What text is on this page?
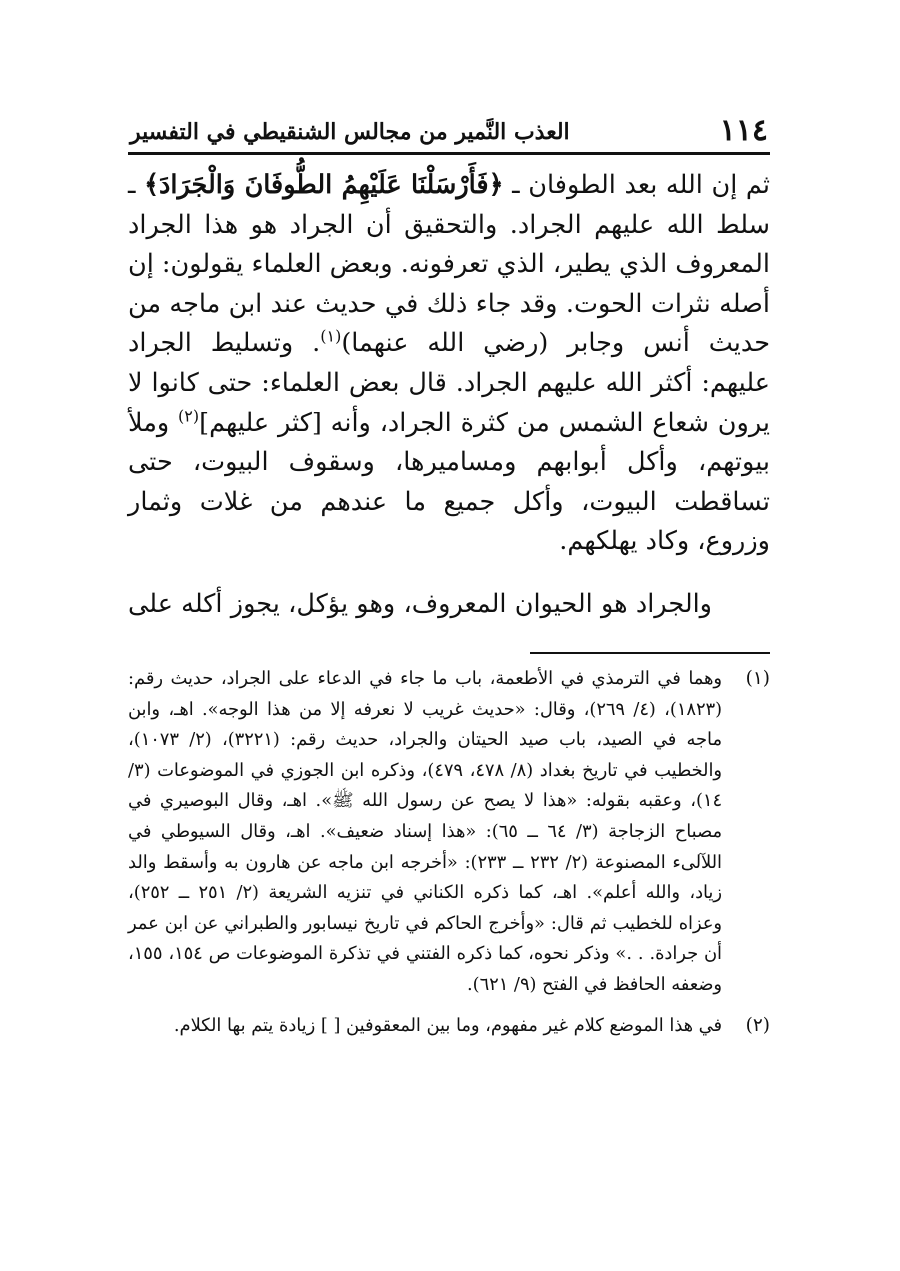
١١٤
العذب النَّمير من مجالس الشنقيطي في التفسير

ثم إن الله بعد الطوفان ـ ﴿فَأَرْسَلْنَا عَلَيْهِمُ الطُّوفَانَ وَالْجَرَادَ﴾ ـ سلط الله عليهم الجراد. والتحقيق أن الجراد هو هذا الجراد المعروف الذي يطير، الذي تعرفونه. وبعض العلماء يقولون: إن أصله نثرات الحوت. وقد جاء ذلك في حديث عند ابن ماجه من حديث أنس وجابر (رضي الله عنهما)$^{(١)}$. وتسليط الجراد عليهم: أكثر الله عليهم الجراد. قال بعض العلماء: حتى كانوا لا يرون شعاع الشمس من كثرة الجراد، وأنه [كثر عليهم]$^{(٢)}$ وملأ بيوتهم، وأكل أبوابهم ومساميرها، وسقوف البيوت، حتى تساقطت البيوت، وأكل جميع ما عندهم من غلات وثمار وزروع، وكاد يهلكهم.

والجراد هو الحيوان المعروف، وهو يؤكل، يجوز أكله على

(١)

وهما في الترمذي في الأطعمة، باب ما جاء في الدعاء على الجراد، حديث رقم: (١٨٢٣)، (٤/ ٢٦٩)، وقال: «حديث غريب لا نعرفه إلا من هذا الوجه». اهـ، وابن ماجه في الصيد، باب صيد الحيتان والجراد، حديث رقم: (٣٢٢١)، (٢/ ١٠٧٣)، والخطيب في تاريخ بغداد (٨/ ٤٧٨، ٤٧٩)، وذكره ابن الجوزي في الموضوعات (٣/ ١٤)، وعقبه بقوله: «هذا لا يصح عن رسول الله ﷺ». اهـ، وقال البوصيري في مصباح الزجاجة (٣/ ٦٤ ــ ٦٥): «هذا إسناد ضعيف». اهـ، وقال السيوطي في اللآلىء المصنوعة (٢/ ٢٣٢ ــ ٢٣٣): «أخرجه ابن ماجه عن هارون به وأسقط والد زياد، والله أعلم». اهـ، كما ذكره الكناني في تنزيه الشريعة (٢/ ٢٥١ ــ ٢٥٢)، وعزاه للخطيب ثم قال: «وأخرج الحاكم في تاريخ نيسابور والطبراني عن ابن عمر أن جرادة. . .» وذكر نحوه، كما ذكره الفتني في تذكرة الموضوعات ص ١٥٤، ١٥٥، وضعفه الحافظ في الفتح (٩/ ٦٢١).

(٢)

في هذا الموضع كلام غير مفهوم، وما بين المعقوفين [ ] زيادة يتم بها الكلام.
